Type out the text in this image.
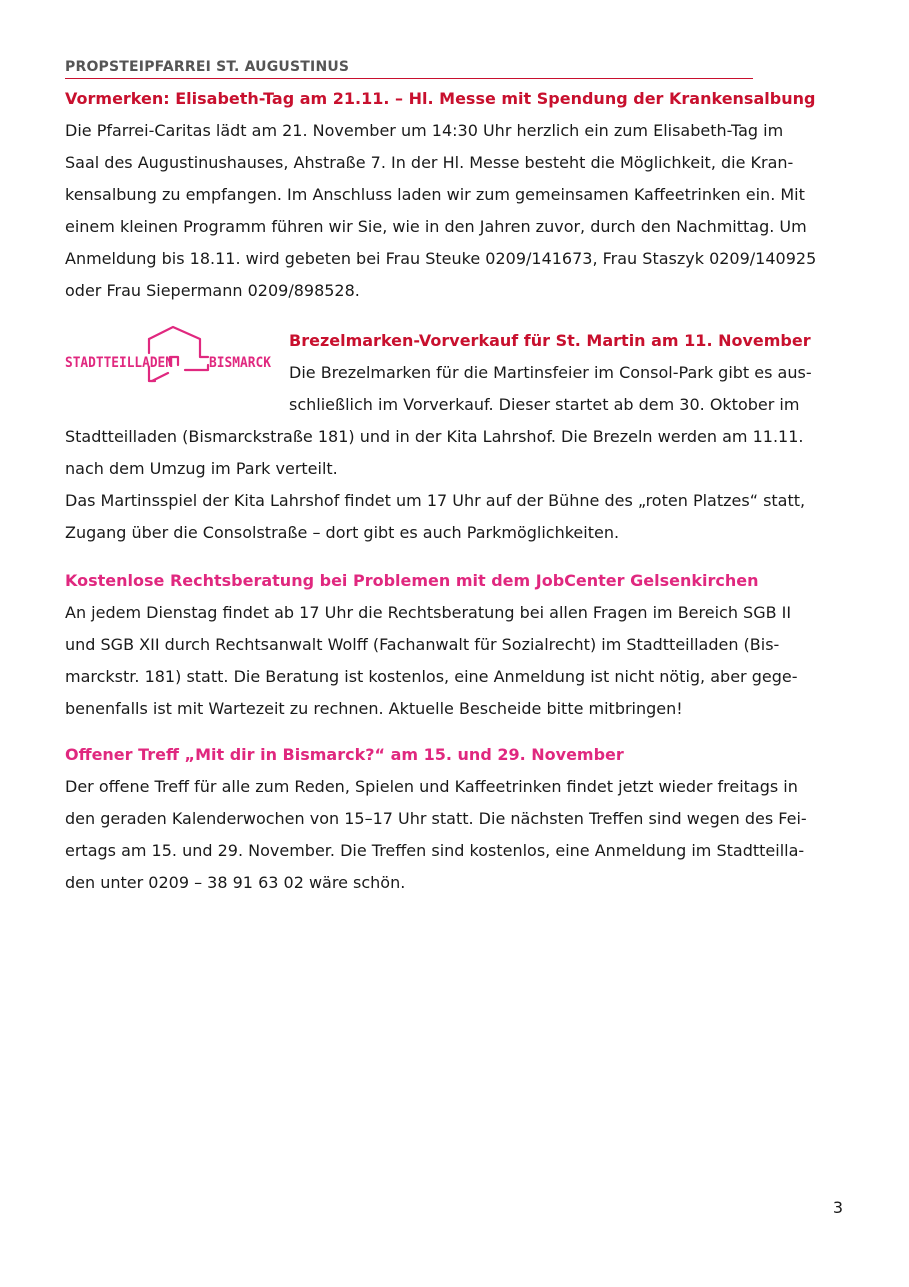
PROPSTEIPFARREI ST. AUGUSTINUS
Vormerken: Elisabeth-Tag am 21.11. – Hl. Messe mit Spendung der Krankensalbung
Die Pfarrei-Caritas lädt am 21. November um 14:30 Uhr herzlich ein zum Elisabeth-Tag im
Saal des Augustinushauses, Ahstraße 7. In der Hl. Messe besteht die Möglichkeit, die Kran-
kensalbung zu empfangen. Im Anschluss laden wir zum gemeinsamen Kaffeetrinken ein. Mit
einem kleinen Programm führen wir Sie, wie in den Jahren zuvor, durch den Nachmittag. Um
Anmeldung bis 18.11. wird gebeten bei Frau Steuke 0209/141673, Frau Staszyk 0209/140925
oder Frau Siepermann 0209/898528.
STADTTEILLADEN	BISMARCK
Brezelmarken-Vorverkauf für St. Martin am 11. November
Die Brezelmarken für die Martinsfeier im Consol-Park gibt es aus-
schließlich im Vorverkauf. Dieser startet ab dem 30. Oktober im
Stadtteilladen (Bismarckstraße 181) und in der Kita Lahrshof. Die Brezeln werden am 11.11.
nach dem Umzug im Park verteilt.
Das Martinsspiel der Kita Lahrshof findet um 17 Uhr auf der Bühne des „roten Platzes“ statt,
Zugang über die Consolstraße – dort gibt es auch Parkmöglichkeiten.
Kostenlose Rechtsberatung bei Problemen mit dem JobCenter Gelsenkirchen
An jedem Dienstag findet ab 17 Uhr die Rechtsberatung bei allen Fragen im Bereich SGB II
und SGB XII durch Rechtsanwalt Wolff (Fachanwalt für Sozialrecht) im Stadtteilladen (Bis-
marckstr. 181) statt. Die Beratung ist kostenlos, eine Anmeldung ist nicht nötig, aber gege-
benenfalls ist mit Wartezeit zu rechnen. Aktuelle Bescheide bitte mitbringen!
Offener Treff „Mit dir in Bismarck?“ am 15. und 29. November
Der offene Treff für alle zum Reden, Spielen und Kaffeetrinken findet jetzt wieder freitags in
den geraden Kalenderwochen von 15–17 Uhr statt. Die nächsten Treffen sind wegen des Fei-
ertags am 15. und 29. November. Die Treffen sind kostenlos, eine Anmeldung im Stadtteilla-
den unter 0209 – 38 91 63 02 wäre schön.
3
